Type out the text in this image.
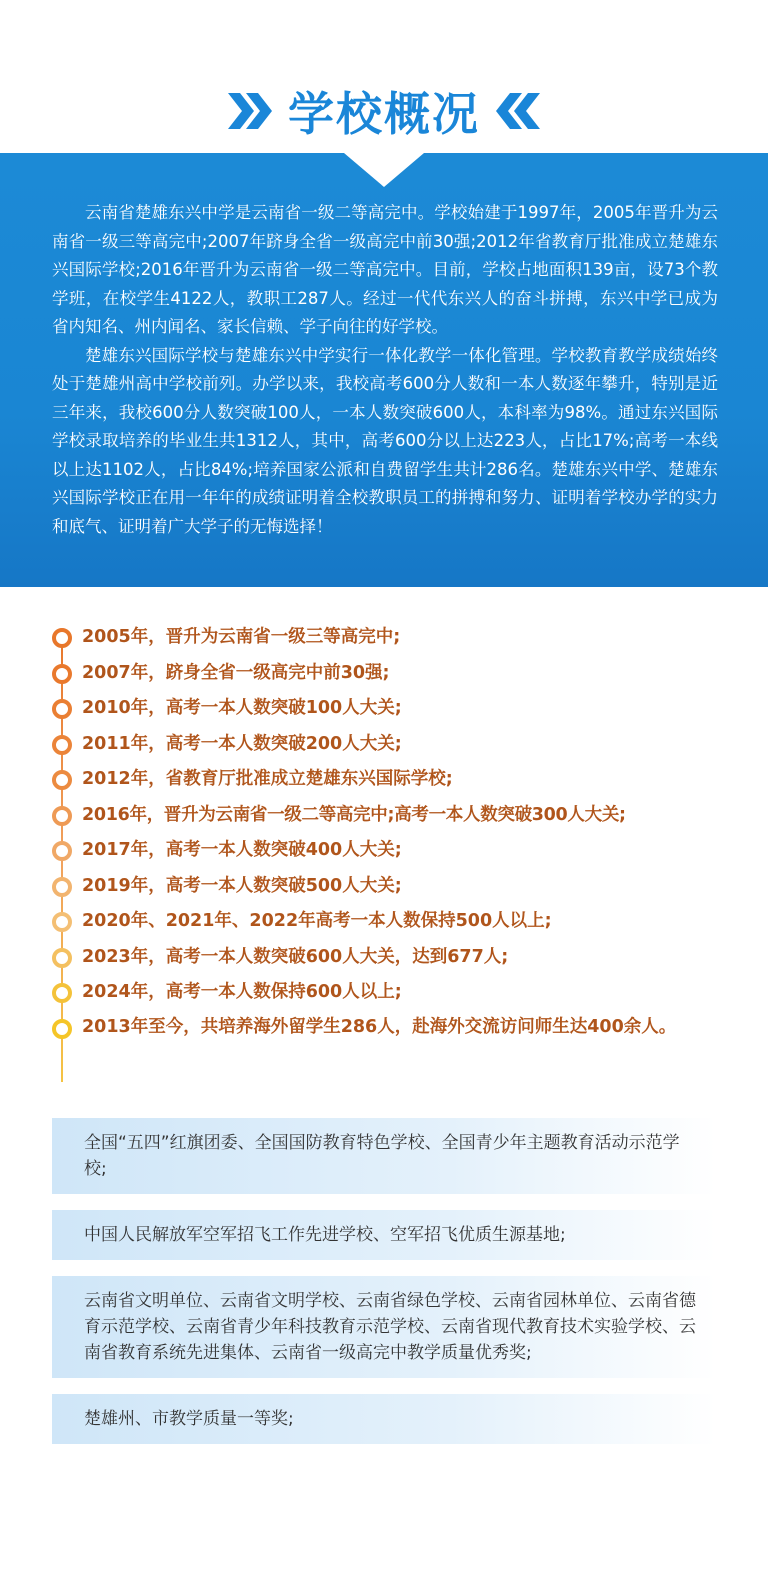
学校概况

云南省楚雄东兴中学是云南省一级二等高完中。学校始建于1997年，2005年晋升为云南省一级三等高完中;2007年跻身全省一级高完中前30强;2012年省教育厅批准成立楚雄东兴国际学校;2016年晋升为云南省一级二等高完中。目前，学校占地面积139亩，设73个教学班，在校学生4122人，教职工287人。经过一代代东兴人的奋斗拼搏，东兴中学已成为省内知名、州内闻名、家长信赖、学子向往的好学校。

楚雄东兴国际学校与楚雄东兴中学实行一体化教学一体化管理。学校教育教学成绩始终处于楚雄州高中学校前列。办学以来，我校高考600分人数和一本人数逐年攀升，特别是近三年来，我校600分人数突破100人，一本人数突破600人，本科率为98%。通过东兴国际学校录取培养的毕业生共1312人，其中，高考600分以上达223人，占比17%;高考一本线以上达1102人，占比84%;培养国家公派和自费留学生共计286名。楚雄东兴中学、楚雄东兴国际学校正在用一年年的成绩证明着全校教职员工的拼搏和努力、证明着学校办学的实力和底气、证明着广大学子的无悔选择！

2005年，晋升为云南省一级三等高完中;
2007年，跻身全省一级高完中前30强;
2010年，高考一本人数突破100人大关;
2011年，高考一本人数突破200人大关;
2012年，省教育厅批准成立楚雄东兴国际学校;
2016年，晋升为云南省一级二等高完中;高考一本人数突破300人大关;
2017年，高考一本人数突破400人大关;
2019年，高考一本人数突破500人大关;
2020年、2021年、2022年高考一本人数保持500人以上;
2023年，高考一本人数突破600人大关，达到677人;
2024年，高考一本人数保持600人以上;
2013年至今，共培养海外留学生286人，赴海外交流访问师生达400余人。
全国“五四”红旗团委、全国国防教育特色学校、全国青少年主题教育活动示范学校;
中国人民解放军空军招飞工作先进学校、空军招飞优质生源基地;
云南省文明单位、云南省文明学校、云南省绿色学校、云南省园林单位、云南省德育示范学校、云南省青少年科技教育示范学校、云南省现代教育技术实验学校、云南省教育系统先进集体、云南省一级高完中教学质量优秀奖;
楚雄州、市教学质量一等奖;
